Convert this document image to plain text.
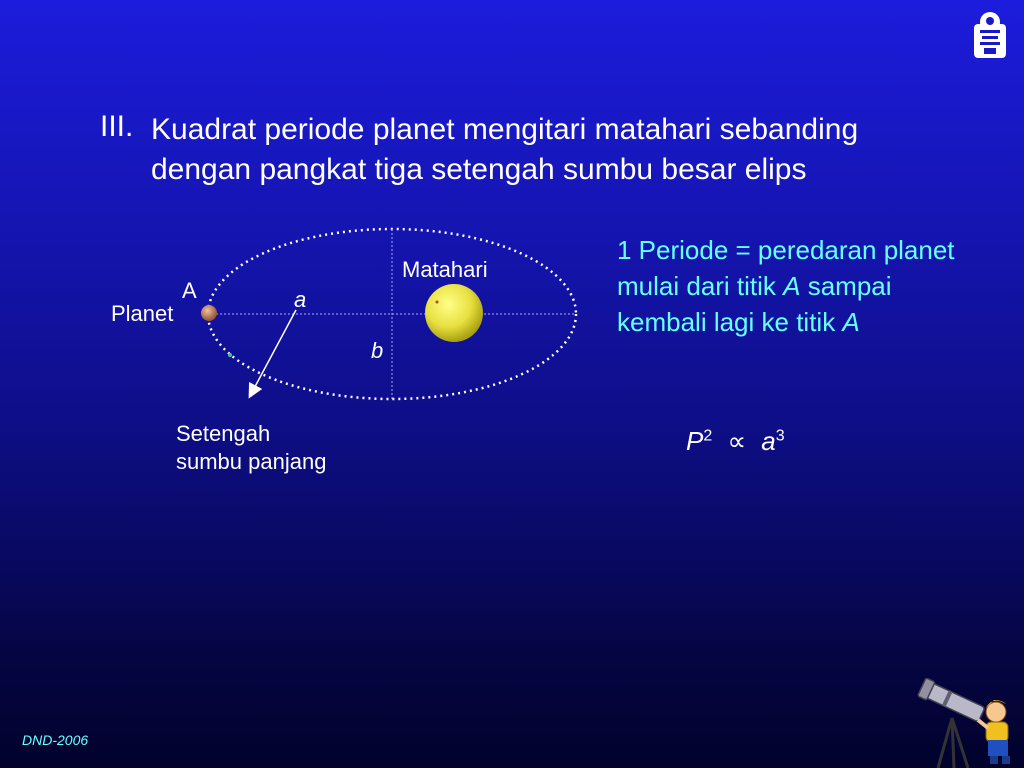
III. Kuadrat periode planet mengitari matahari sebanding
dengan pangkat tiga setengah sumbu besar elips
A
Planet
a
b
Matahari
Setengah
sumbu panjang
1 Periode = peredaran planet mulai dari titik A sampai kembali lagi ke titik A
$P^2 \propto a^3$
DND-2006
